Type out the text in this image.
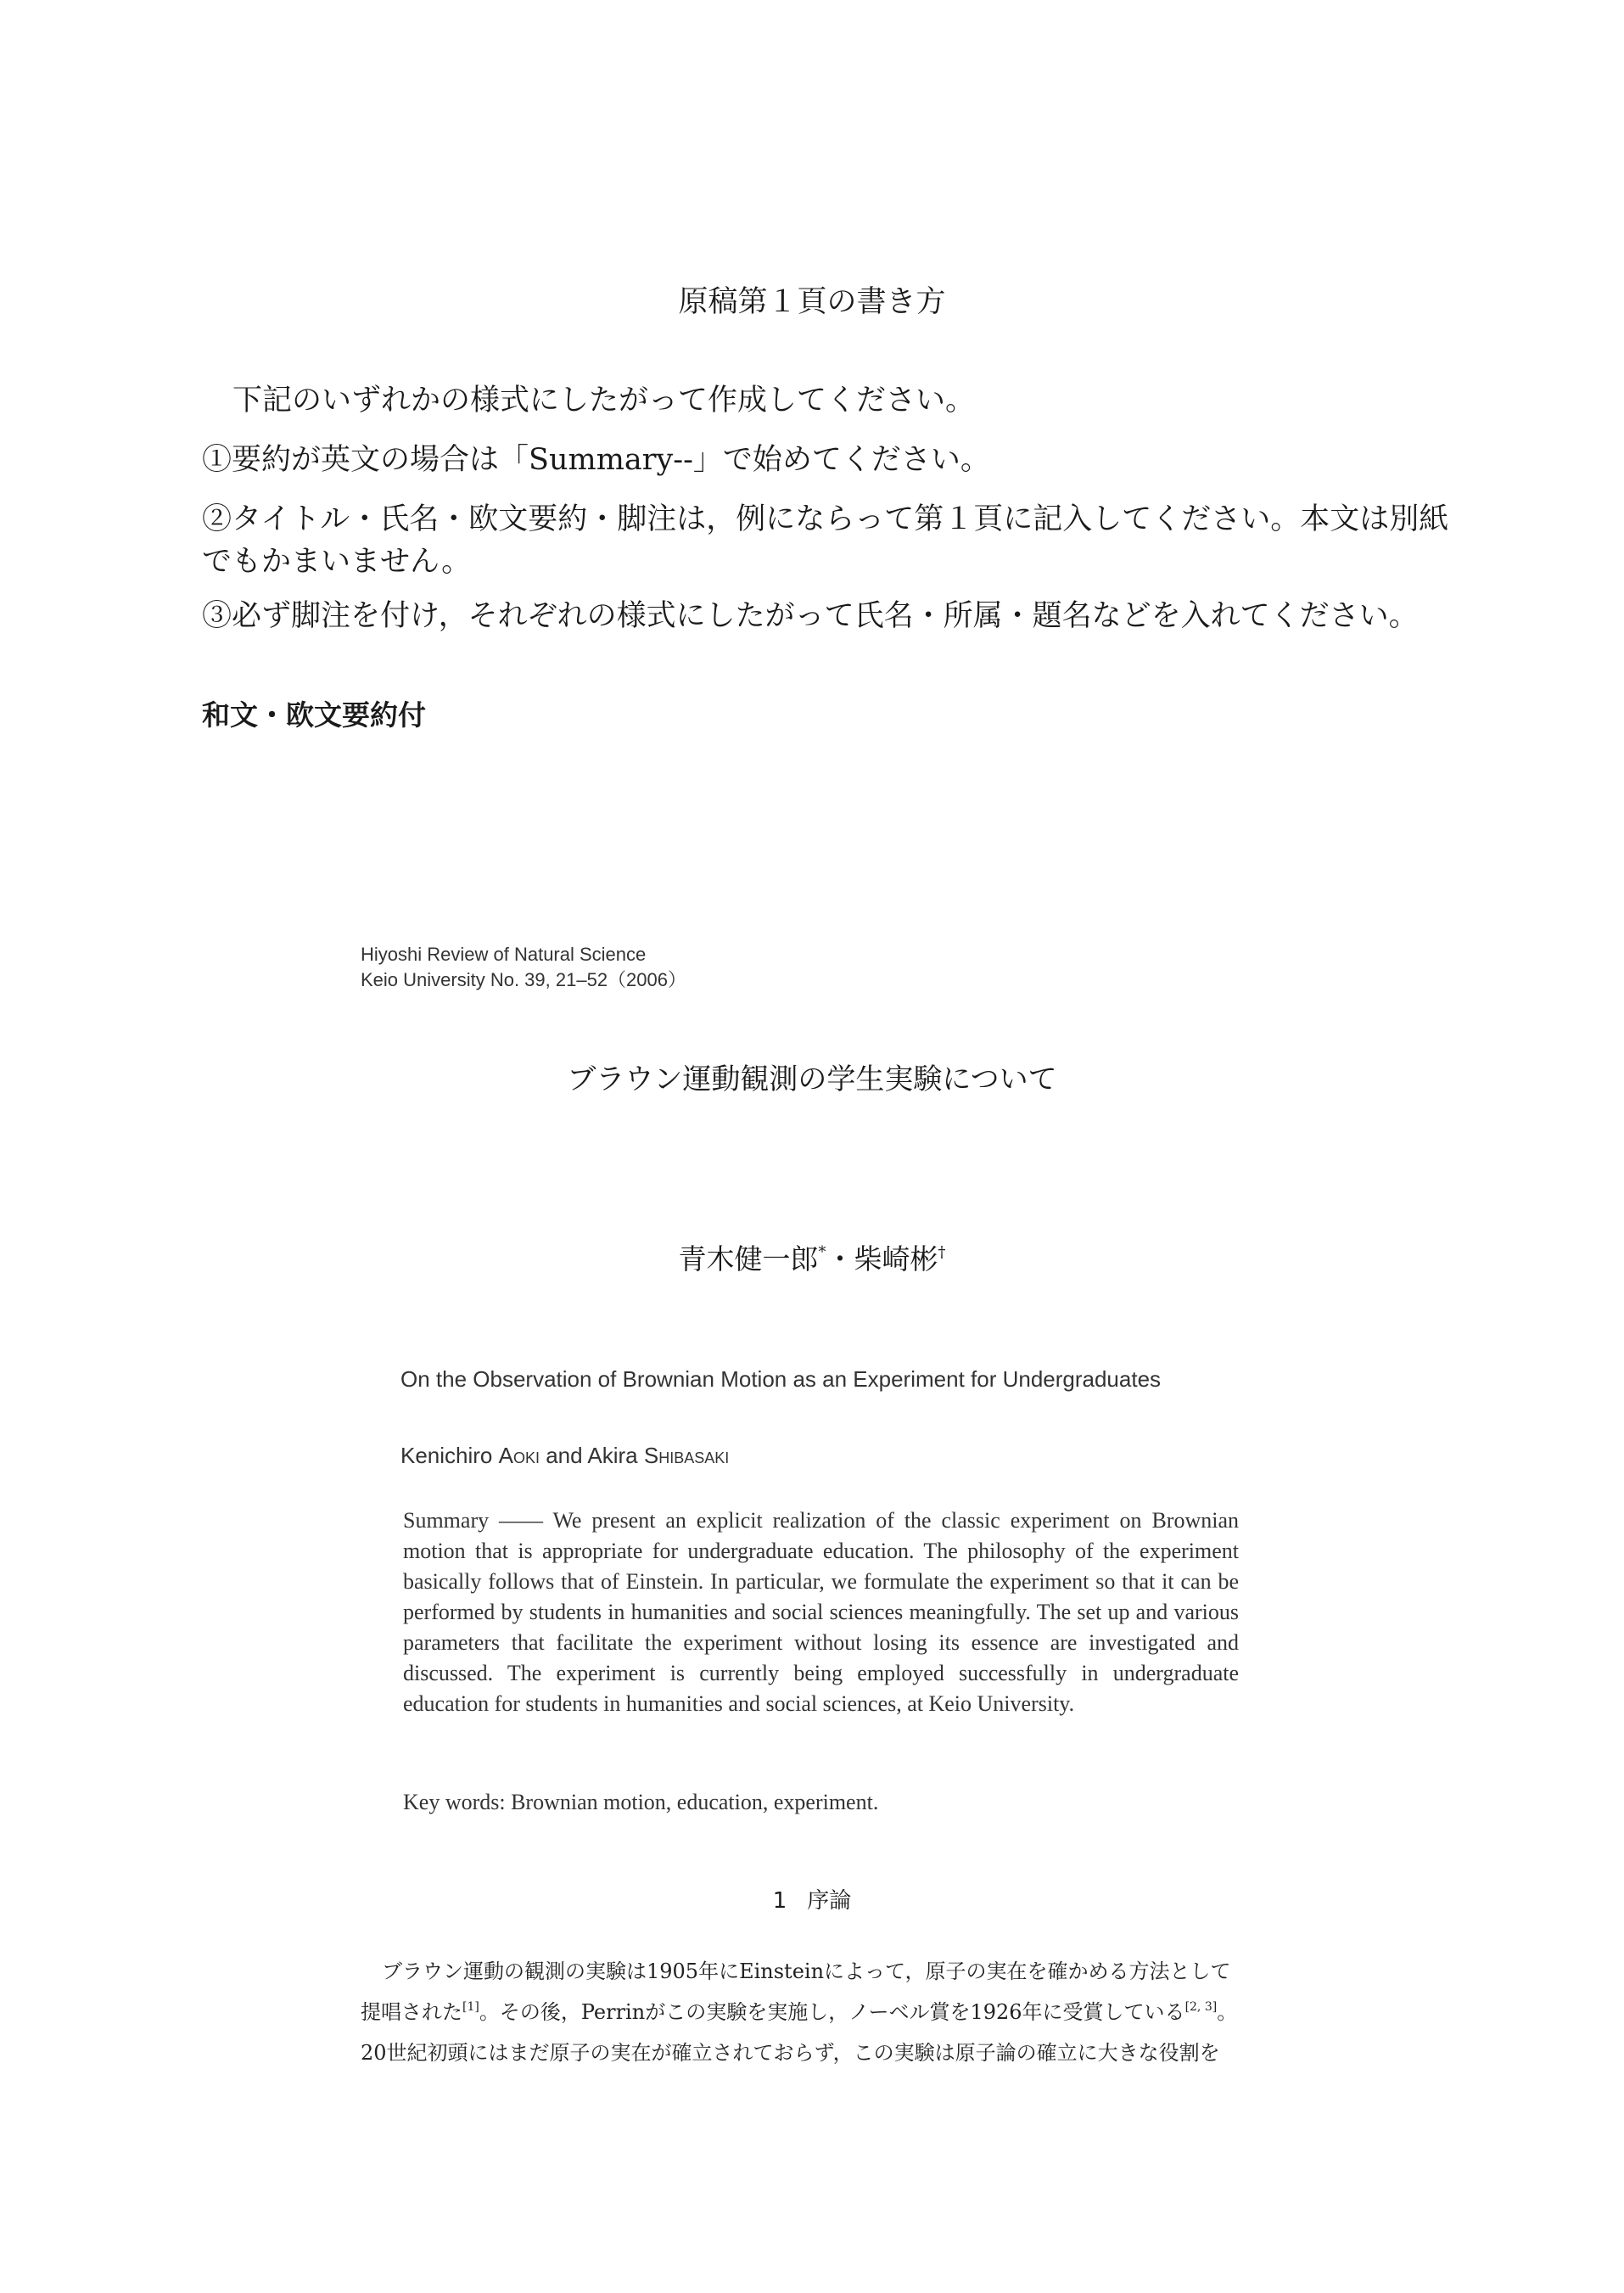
原稿第１頁の書き方

下記のいずれかの様式にしたがって作成してください。

①要約が英文の場合は「Summary--」で始めてください。

②タイトル・氏名・欧文要約・脚注は，例にならって第１頁に記入してください。本文は別紙

でもかまいません。

③必ず脚注を付け，それぞれの様式にしたがって氏名・所属・題名などを入れてください。

和文・欧文要約付

Hiyoshi Review of Natural Science
Keio University No. 39, 21–52（2006）

ブラウン運動観測の学生実験について

青木健一郎*・柴崎彬†

On the Observation of Brownian Motion as an Experiment for Undergraduates

Kenichiro Aoki and Akira Shibasaki

Summary —— We present an explicit realization of the classic experiment on Brownian motion that is appropriate for undergraduate education. The philosophy of the experiment basically follows that of Einstein. In particular, we formulate the experiment so that it can be performed by students in humanities and social sciences meaningfully. The set up and various parameters that facilitate the experiment without losing its essence are investigated and discussed. The experiment is currently being employed successfully in undergraduate education for students in humanities and social sciences, at Keio University.

Key words: Brownian motion, education, experiment.

1 序論

ブラウン運動の観測の実験は1905年にEinsteinによって，原子の実在を確かめる方法として

提唱された[1]。その後，Perrinがこの実験を実施し，ノーベル賞を1926年に受賞している[2, 3]。

20世紀初頭にはまだ原子の実在が確立されておらず，この実験は原子論の確立に大きな役割を
